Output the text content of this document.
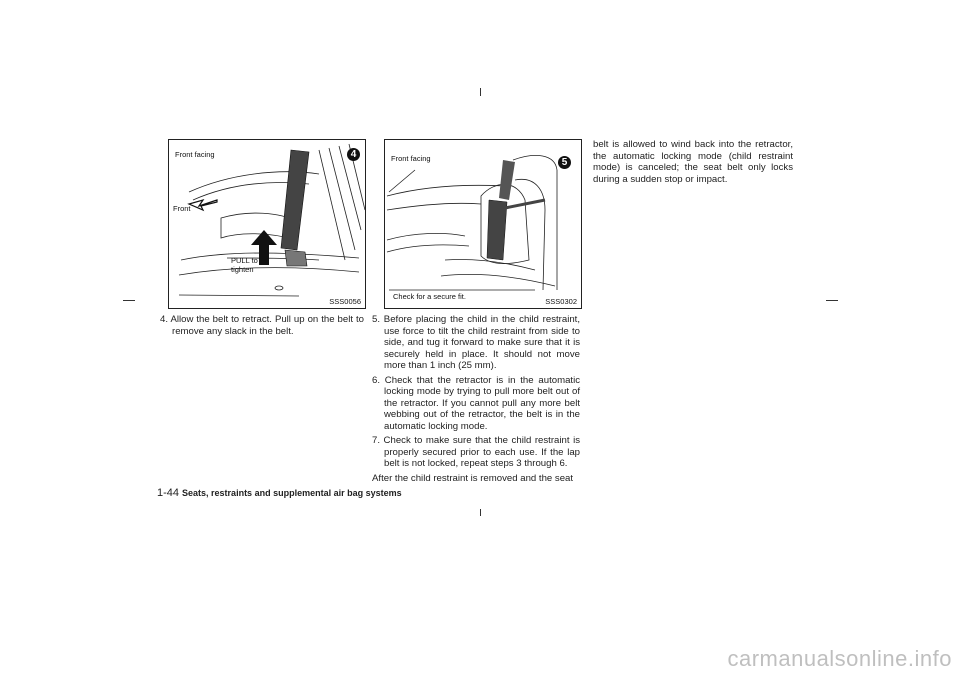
Front facing
Front
PULL to
tighten
4
SSS0056
Front facing
Check for a secure fit.
5
SSS0302

4. Allow the belt to retract. Pull up on the belt to remove any slack in the belt.

5. Before placing the child in the child restraint, use force to tilt the child restraint from side to side, and tug it forward to make sure that it is securely held in place. It should not move more than 1 inch (25 mm).

6. Check that the retractor is in the automatic locking mode by trying to pull more belt out of the retractor. If you cannot pull any more belt webbing out of the retractor, the belt is in the automatic locking mode.

7. Check to make sure that the child restraint is properly secured prior to each use. If the lap belt is not locked, repeat steps 3 through 6.

After the child restraint is removed and the seat

belt is allowed to wind back into the retractor, the automatic locking mode (child restraint mode) is canceled; the seat belt only locks during a sudden stop or impact.

1-44 Seats, restraints and supplemental air bag systems
carmanualsonline.info
